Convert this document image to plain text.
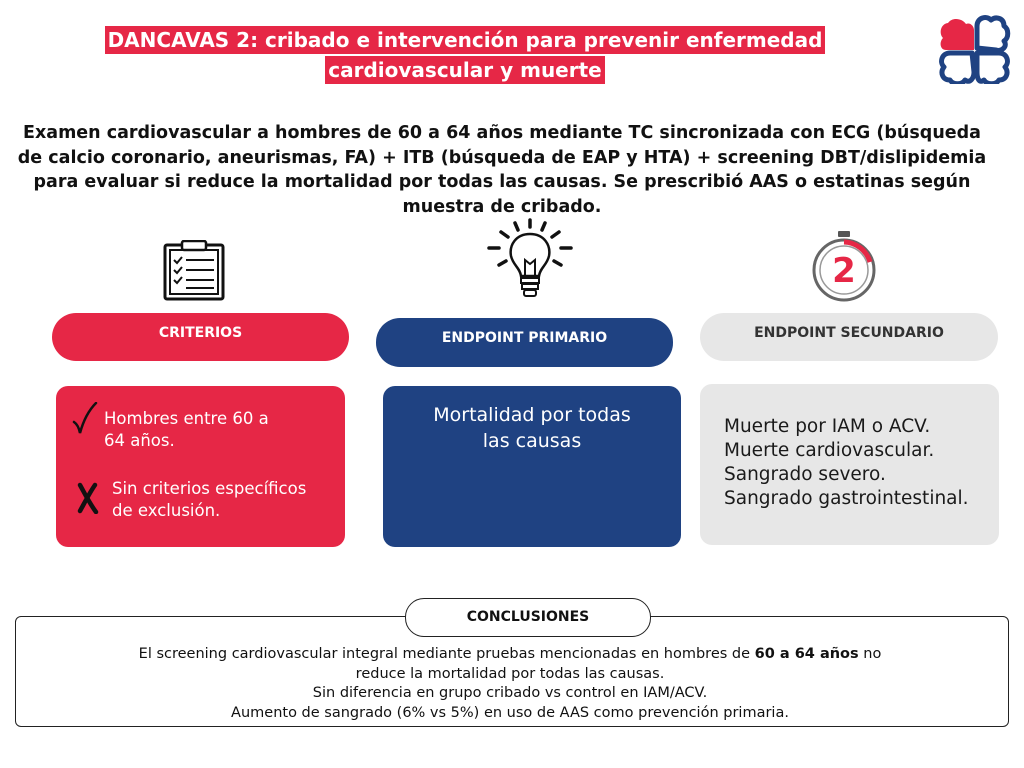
DANCAVAS 2: cribado e intervención para prevenir enfermedad
cardiovascular y muerte
Examen cardiovascular a hombres de 60 a 64 años mediante TC sincronizada con ECG (búsqueda de calcio coronario, aneurismas, FA) + ITB (búsqueda de EAP y HTA) + screening DBT/dislipidemia para evaluar si reduce la mortalidad por todas las causas. Se prescribió AAS o estatinas según muestra de cribado.
2
CRITERIOS	ENDPOINT PRIMARIO	ENDPOINT SECUNDARIO
Hombres entre 60 a
64 años.
Sin criterios específicos
de exclusión.
Mortalidad por todas
las causas
Muerte por IAM o ACV.
Muerte cardiovascular.
Sangrado severo.
Sangrado gastrointestinal.
CONCLUSIONES
El screening cardiovascular integral mediante pruebas mencionadas en hombres de 60 a 64 años no
reduce la mortalidad por todas las causas.
Sin diferencia en grupo cribado vs control en IAM/ACV.
Aumento de sangrado (6% vs 5%) en uso de AAS como prevención primaria.
